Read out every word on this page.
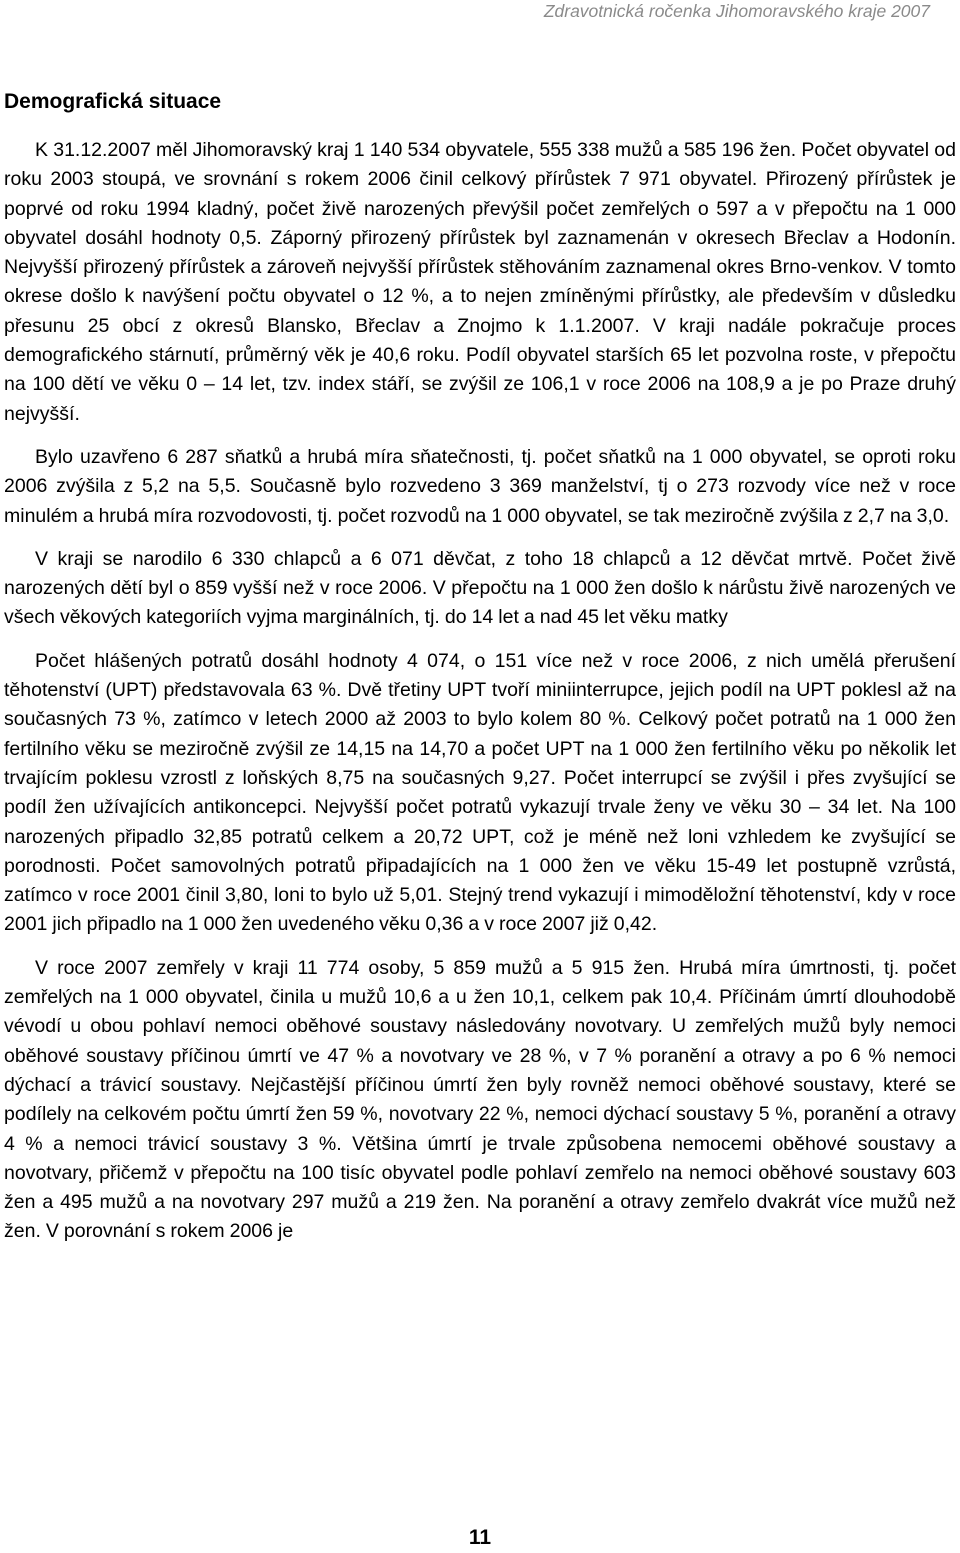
Zdravotnická ročenka Jihomoravského kraje 2007
Demografická situace

K 31.12.2007 měl Jihomoravský kraj 1 140 534 obyvatele, 555 338 mužů a 585 196 žen. Počet obyvatel od roku 2003 stoupá, ve srovnání s rokem 2006 činil celkový přírůstek 7 971 obyvatel. Přirozený přírůstek je poprvé od roku 1994 kladný, počet živě narozených převýšil počet zemřelých o 597 a v přepočtu na 1 000 obyvatel dosáhl hodnoty 0,5. Záporný přirozený přírůstek byl zaznamenán v okresech Břeclav a Hodonín. Nejvyšší přirozený přírůstek a zároveň nejvyšší přírůstek stěhováním zaznamenal okres Brno-venkov. V tomto okrese došlo k navýšení počtu obyvatel o 12 %, a to nejen zmíněnými přírůstky, ale především v důsledku přesunu 25 obcí z okresů Blansko, Břeclav a Znojmo k 1.1.2007. V kraji nadále pokračuje proces demografického stárnutí, průměrný věk je 40,6 roku. Podíl obyvatel starších 65 let pozvolna roste, v přepočtu na 100 dětí ve věku 0 – 14 let, tzv. index stáří, se zvýšil ze 106,1 v roce 2006 na 108,9 a je po Praze druhý nejvyšší.

Bylo uzavřeno 6 287 sňatků a hrubá míra sňatečnosti, tj. počet sňatků na 1 000 obyvatel, se oproti roku 2006 zvýšila z 5,2 na 5,5. Současně bylo rozvedeno 3 369 manželství, tj o 273 rozvody více než v roce minulém a hrubá míra rozvodovosti, tj. počet rozvodů na 1 000 obyvatel, se tak meziročně zvýšila z 2,7 na 3,0.

V kraji se narodilo 6 330 chlapců a 6 071 děvčat, z toho 18 chlapců a 12 děvčat mrtvě. Počet živě narozených dětí byl o 859 vyšší než v roce 2006. V přepočtu na 1 000 žen došlo k nárůstu živě narozených ve všech věkových kategoriích vyjma marginálních, tj. do 14 let a nad 45 let věku matky

Počet hlášených potratů dosáhl hodnoty 4 074, o 151 více než v roce 2006, z nich umělá přerušení těhotenství (UPT) představovala 63 %. Dvě třetiny UPT tvoří miniinterrupce, jejich podíl na UPT poklesl až na současných 73 %, zatímco v letech 2000 až 2003 to bylo kolem 80 %. Celkový počet potratů na 1 000 žen fertilního věku se meziročně zvýšil ze 14,15 na 14,70 a počet UPT na 1 000 žen fertilního věku po několik let trvajícím poklesu vzrostl z loňských 8,75 na současných 9,27. Počet interrupcí se zvýšil i přes zvyšující se podíl žen užívajících antikoncepci. Nejvyšší počet potratů vykazují trvale ženy ve věku 30 – 34 let. Na 100 narozených připadlo 32,85 potratů celkem a 20,72 UPT, což je méně než loni vzhledem ke zvyšující se porodnosti. Počet samovolných potratů připadajících na 1 000 žen ve věku 15-49 let postupně vzrůstá, zatímco v roce 2001 činil 3,80, loni to bylo už 5,01. Stejný trend vykazují i mimoděložní těhotenství, kdy v roce 2001 jich připadlo na 1 000 žen uvedeného věku 0,36 a v roce 2007 již 0,42.

V roce 2007 zemřely v kraji 11 774 osoby, 5 859 mužů a 5 915 žen. Hrubá míra úmrtnosti, tj. počet zemřelých na 1 000 obyvatel, činila u mužů 10,6 a u žen 10,1, celkem pak 10,4. Příčinám úmrtí dlouhodobě vévodí u obou pohlaví nemoci oběhové soustavy následovány novotvary. U zemřelých mužů byly nemoci oběhové soustavy příčinou úmrtí ve 47 % a novotvary ve 28 %, v 7 % poranění a otravy a po 6 % nemoci dýchací a trávicí soustavy. Nejčastější příčinou úmrtí žen byly rovněž nemoci oběhové soustavy, které se podílely na celkovém počtu úmrtí žen 59 %, novotvary 22 %, nemoci dýchací soustavy 5 %, poranění a otravy 4 % a nemoci trávicí soustavy 3 %. Většina úmrtí je trvale způsobena nemocemi oběhové soustavy a novotvary, přičemž v přepočtu na 100 tisíc obyvatel podle pohlaví zemřelo na nemoci oběhové soustavy 603 žen a 495 mužů a na novotvary 297 mužů a 219 žen. Na poranění a otravy zemřelo dvakrát více mužů než žen. V porovnání s rokem 2006 je

11
